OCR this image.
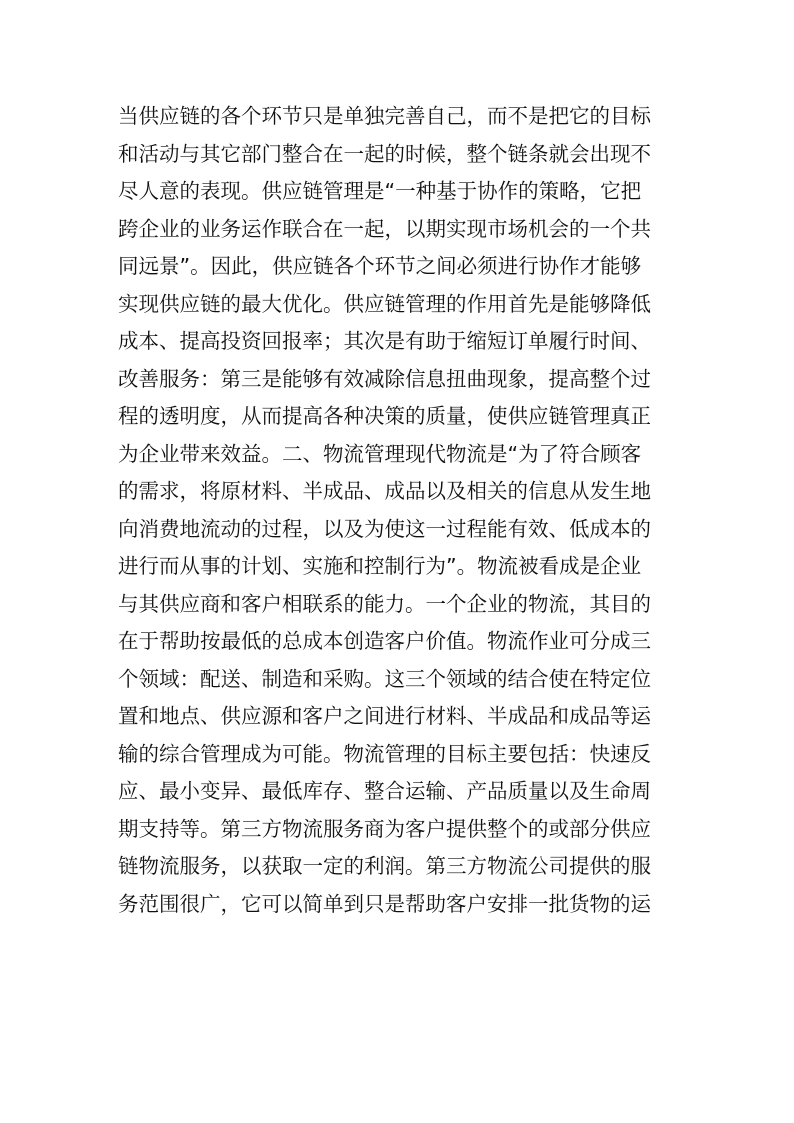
当供应链的各个环节只是单独完善自己，而不是把它的目标
和活动与其它部门整合在一起的时候，整个链条就会出现不
尽人意的表现。供应链管理是“一种基于协作的策略，它把
跨企业的业务运作联合在一起，以期实现市场机会的一个共
同远景”。因此，供应链各个环节之间必须进行协作才能够
实现供应链的最大优化。供应链管理的作用首先是能够降低
成本、提高投资回报率；其次是有助于缩短订单履行时间、
改善服务：第三是能够有效减除信息扭曲现象，提高整个过
程的透明度，从而提高各种决策的质量，使供应链管理真正
为企业带来效益。二、物流管理现代物流是“为了符合顾客
的需求，将原材料、半成品、成品以及相关的信息从发生地
向消费地流动的过程，以及为使这一过程能有效、低成本的
进行而从事的计划、实施和控制行为”。物流被看成是企业
与其供应商和客户相联系的能力。一个企业的物流，其目的
在于帮助按最低的总成本创造客户价值。物流作业可分成三
个领域：配送、制造和采购。这三个领域的结合使在特定位
置和地点、供应源和客户之间进行材料、半成品和成品等运
输的综合管理成为可能。物流管理的目标主要包括：快速反
应、最小变异、最低库存、整合运输、产品质量以及生命周
期支持等。第三方物流服务商为客户提供整个的或部分供应
链物流服务，以获取一定的利润。第三方物流公司提供的服
务范围很广，它可以简单到只是帮助客户安排一批货物的运
